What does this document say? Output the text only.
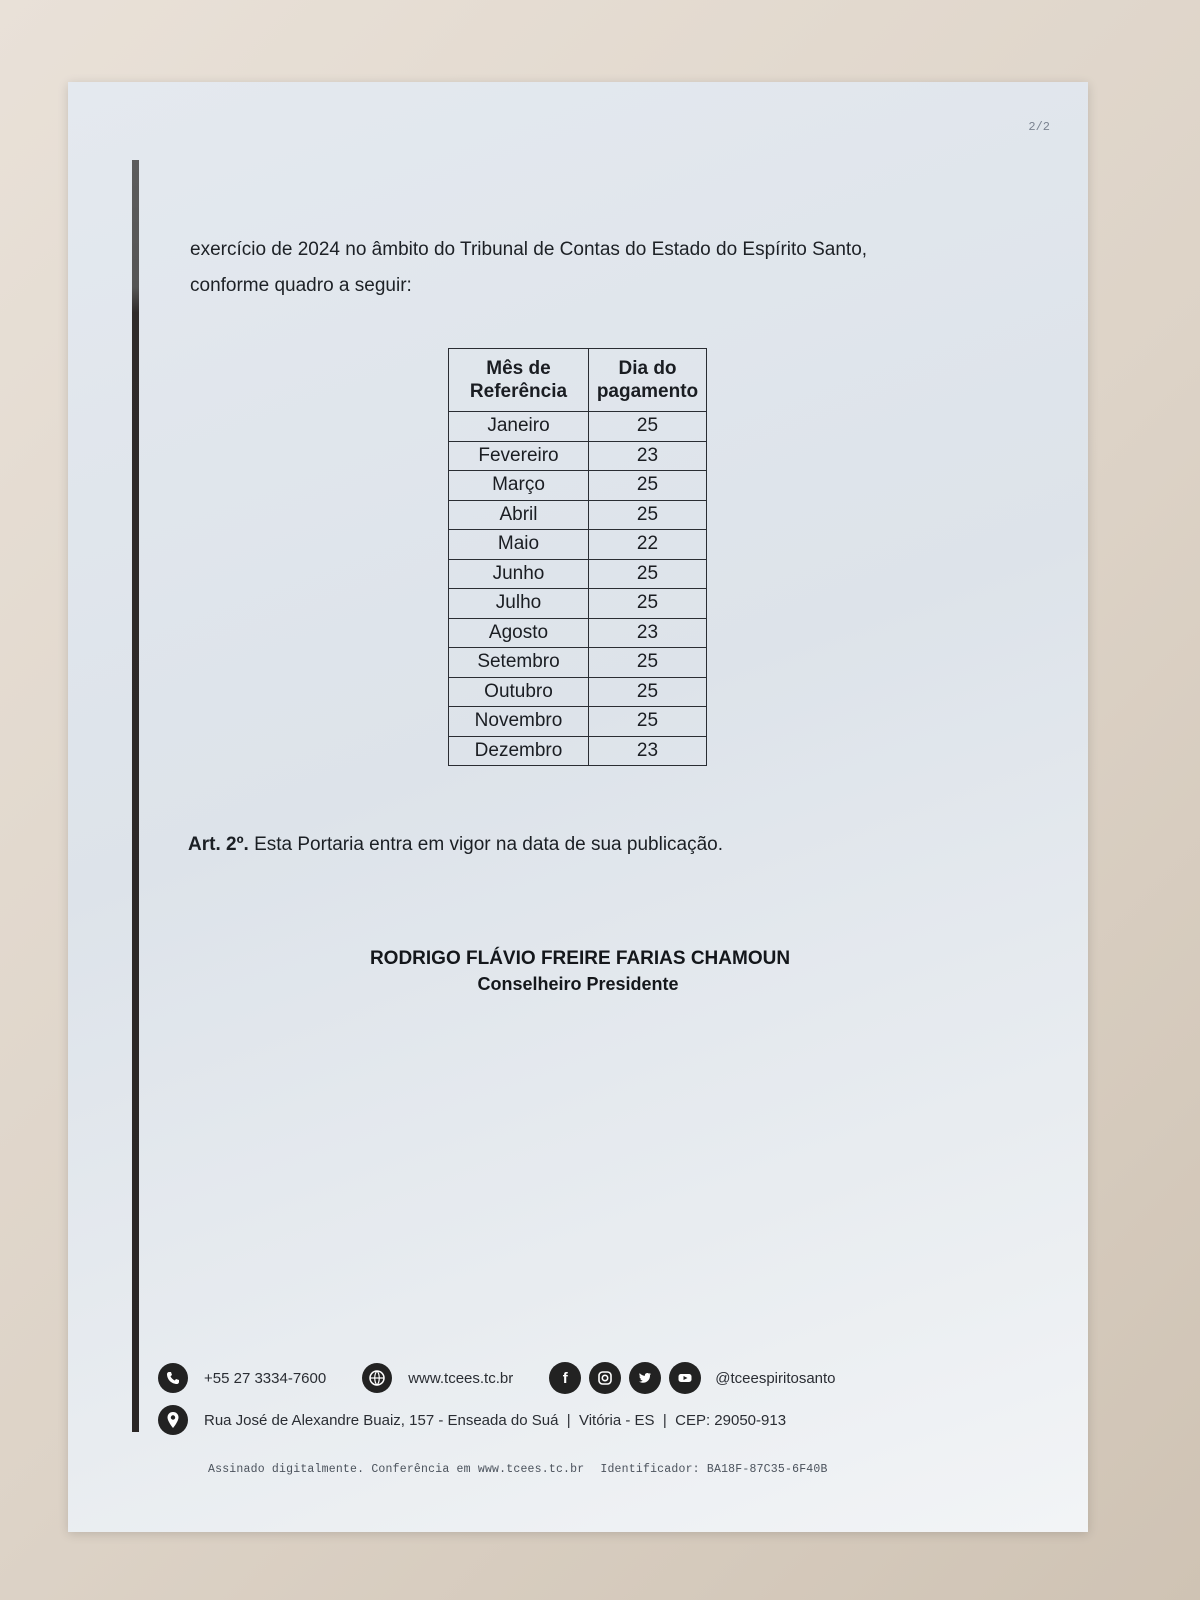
2/2

exercício de 2024 no âmbito do Tribunal de Contas do Estado do Espírito Santo,

conforme quadro a seguir:

Mês de Referência	Dia do pagamento
Janeiro	25
Fevereiro	23
Março	25
Abril	25
Maio	22
Junho	25
Julho	25
Agosto	23
Setembro	25
Outubro	25
Novembro	25
Dezembro	23
Art. 2º. Esta Portaria entra em vigor na data de sua publicação.
RODRIGO FLÁVIO FREIRE FARIAS CHAMOUN
Conselheiro Presidente
+55 27 3334-7600	www.tcees.tc.br	f	@tceespiritosanto
Rua José de Alexandre Buaiz, 157 - Enseada do Suá  |  Vitória - ES  |  CEP: 29050-913
Assinado digitalmente. Conferência em www.tcees.tc.br Identificador: BA18F-87C35-6F40B
